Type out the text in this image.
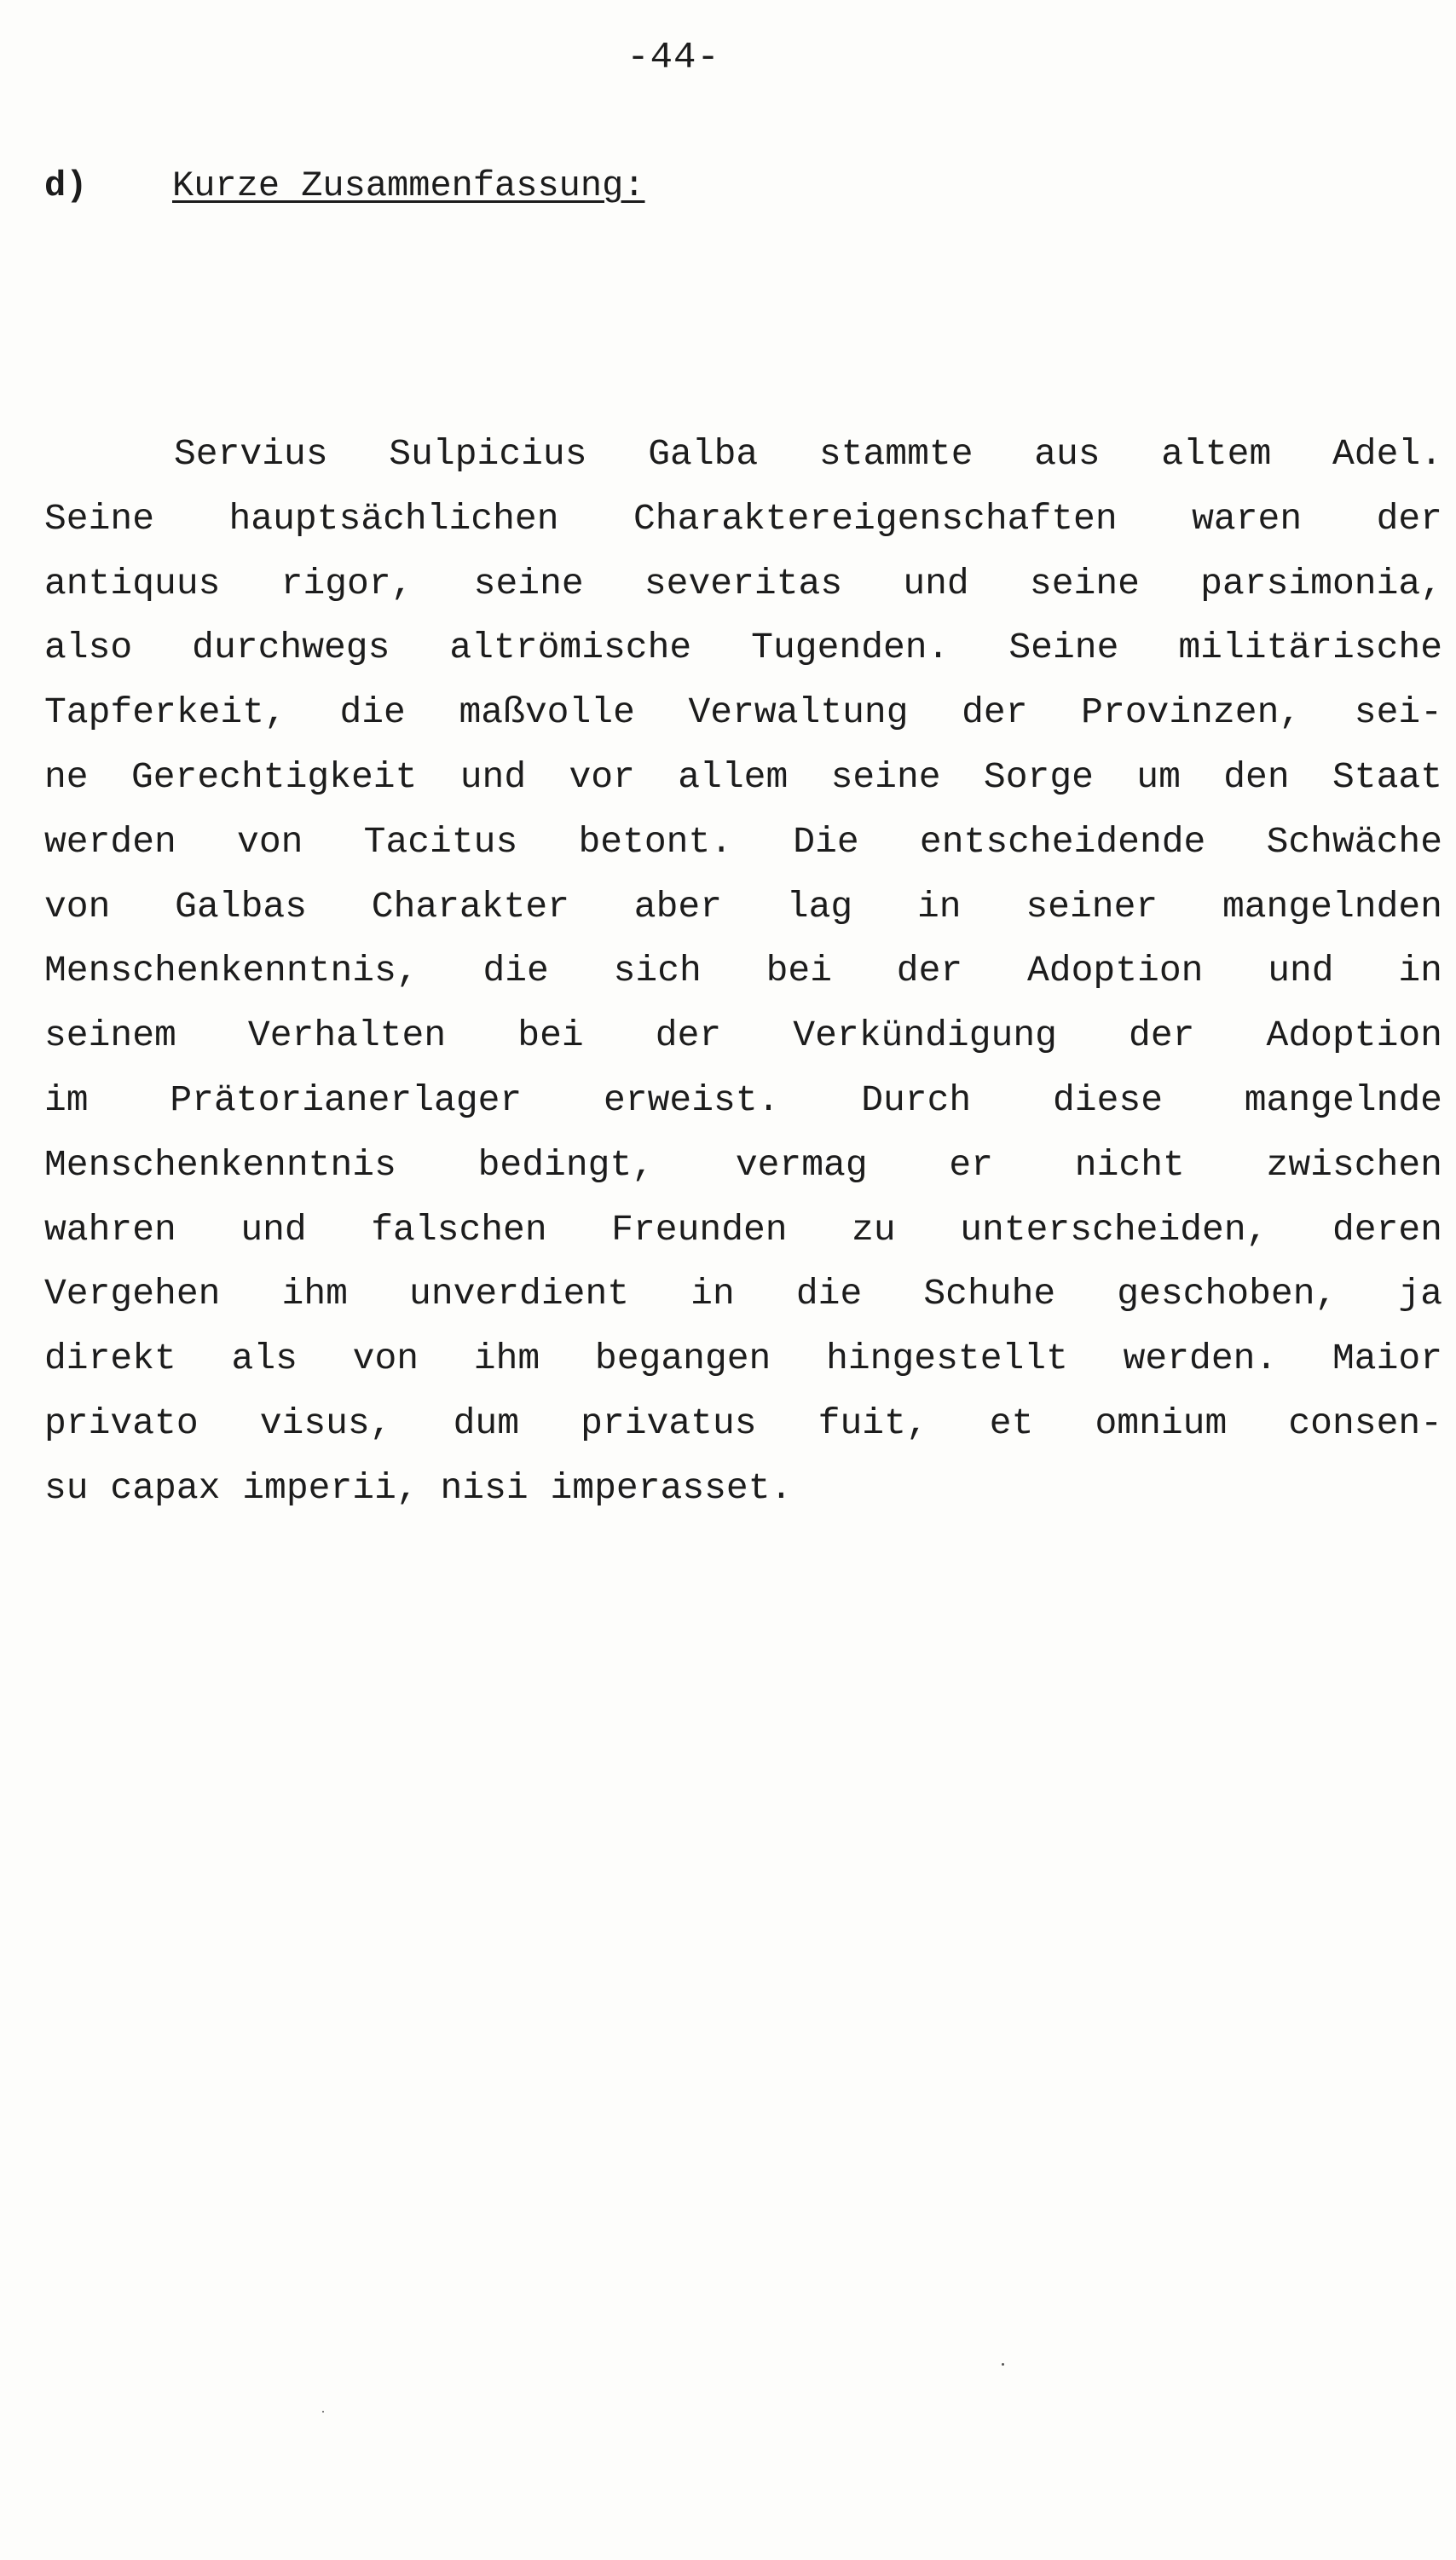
-44-
d) Kurze Zusammenfassung:
Servius Sulpicius Galba stammte aus altem Adel.
Seine hauptsächlichen Charaktereigenschaften waren der
antiquus rigor, seine severitas und seine parsimonia,
also durchwegs altrömische Tugenden. Seine militärische
Tapferkeit, die maßvolle Verwaltung der Provinzen, sei-
ne Gerechtigkeit und vor allem seine Sorge um den Staat
werden von Tacitus betont. Die entscheidende Schwäche
von Galbas Charakter aber lag in seiner mangelnden
Menschenkenntnis, die sich bei der Adoption und in
seinem Verhalten bei der Verkündigung der Adoption
im Prätorianerlager erweist. Durch diese mangelnde
Menschenkenntnis bedingt, vermag er nicht zwischen
wahren und falschen Freunden zu unterscheiden, deren
Vergehen ihm unverdient in die Schuhe geschoben, ja
direkt als von ihm begangen hingestellt werden. Maior
privato visus, dum privatus fuit, et omnium consen-
su capax imperii, nisi imperasset.
